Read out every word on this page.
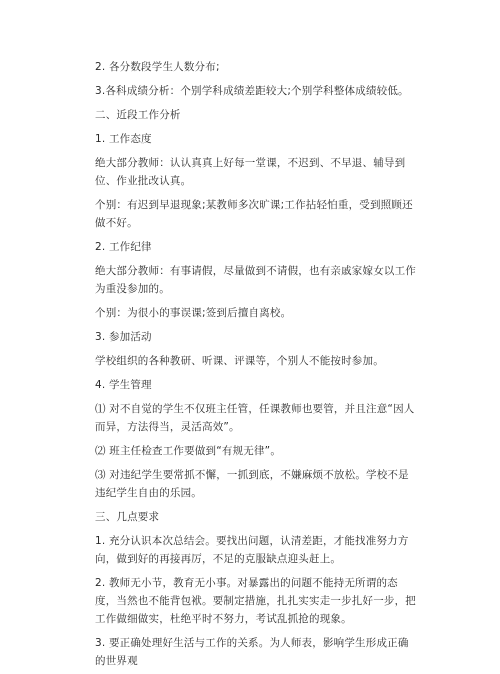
2. 各分数段学生人数分布;

3.各科成绩分析：个别学科成绩差距较大;个别学科整体成绩较低。

二、近段工作分析

1. 工作态度

绝大部分教师：认认真真上好每一堂课，不迟到、不早退、辅导到位、作业批改认真。

个别：有迟到早退现象;某教师多次旷课;工作拈轻怕重，受到照顾还做不好。

2. 工作纪律

绝大部分教师：有事请假，尽量做到不请假，也有亲戚家嫁女以工作为重没参加的。

个别：为很小的事误课;签到后擅自离校。

3. 参加活动

学校组织的各种教研、听课、评课等，个别人不能按时参加。

4. 学生管理

⑴ 对不自觉的学生不仅班主任管，任课教师也要管，并且注意“因人而异，方法得当，灵活高效”。

⑵ 班主任检查工作要做到“有规无律”。

⑶ 对违纪学生要常抓不懈，一抓到底，不嫌麻烦不放松。学校不是违纪学生自由的乐园。

三、几点要求

1. 充分认识本次总结会。要找出问题，认清差距，才能找准努力方向，做到好的再接再厉，不足的克服缺点迎头赶上。

2. 教师无小节，教育无小事。对暴露出的问题不能持无所谓的态度，当然也不能背包袱。要制定措施，扎扎实实走一步扎好一步，把工作做细做实，杜绝平时不努力，考试乱抓抢的现象。

3. 要正确处理好生活与工作的关系。为人师表，影响学生形成正确的世界观
